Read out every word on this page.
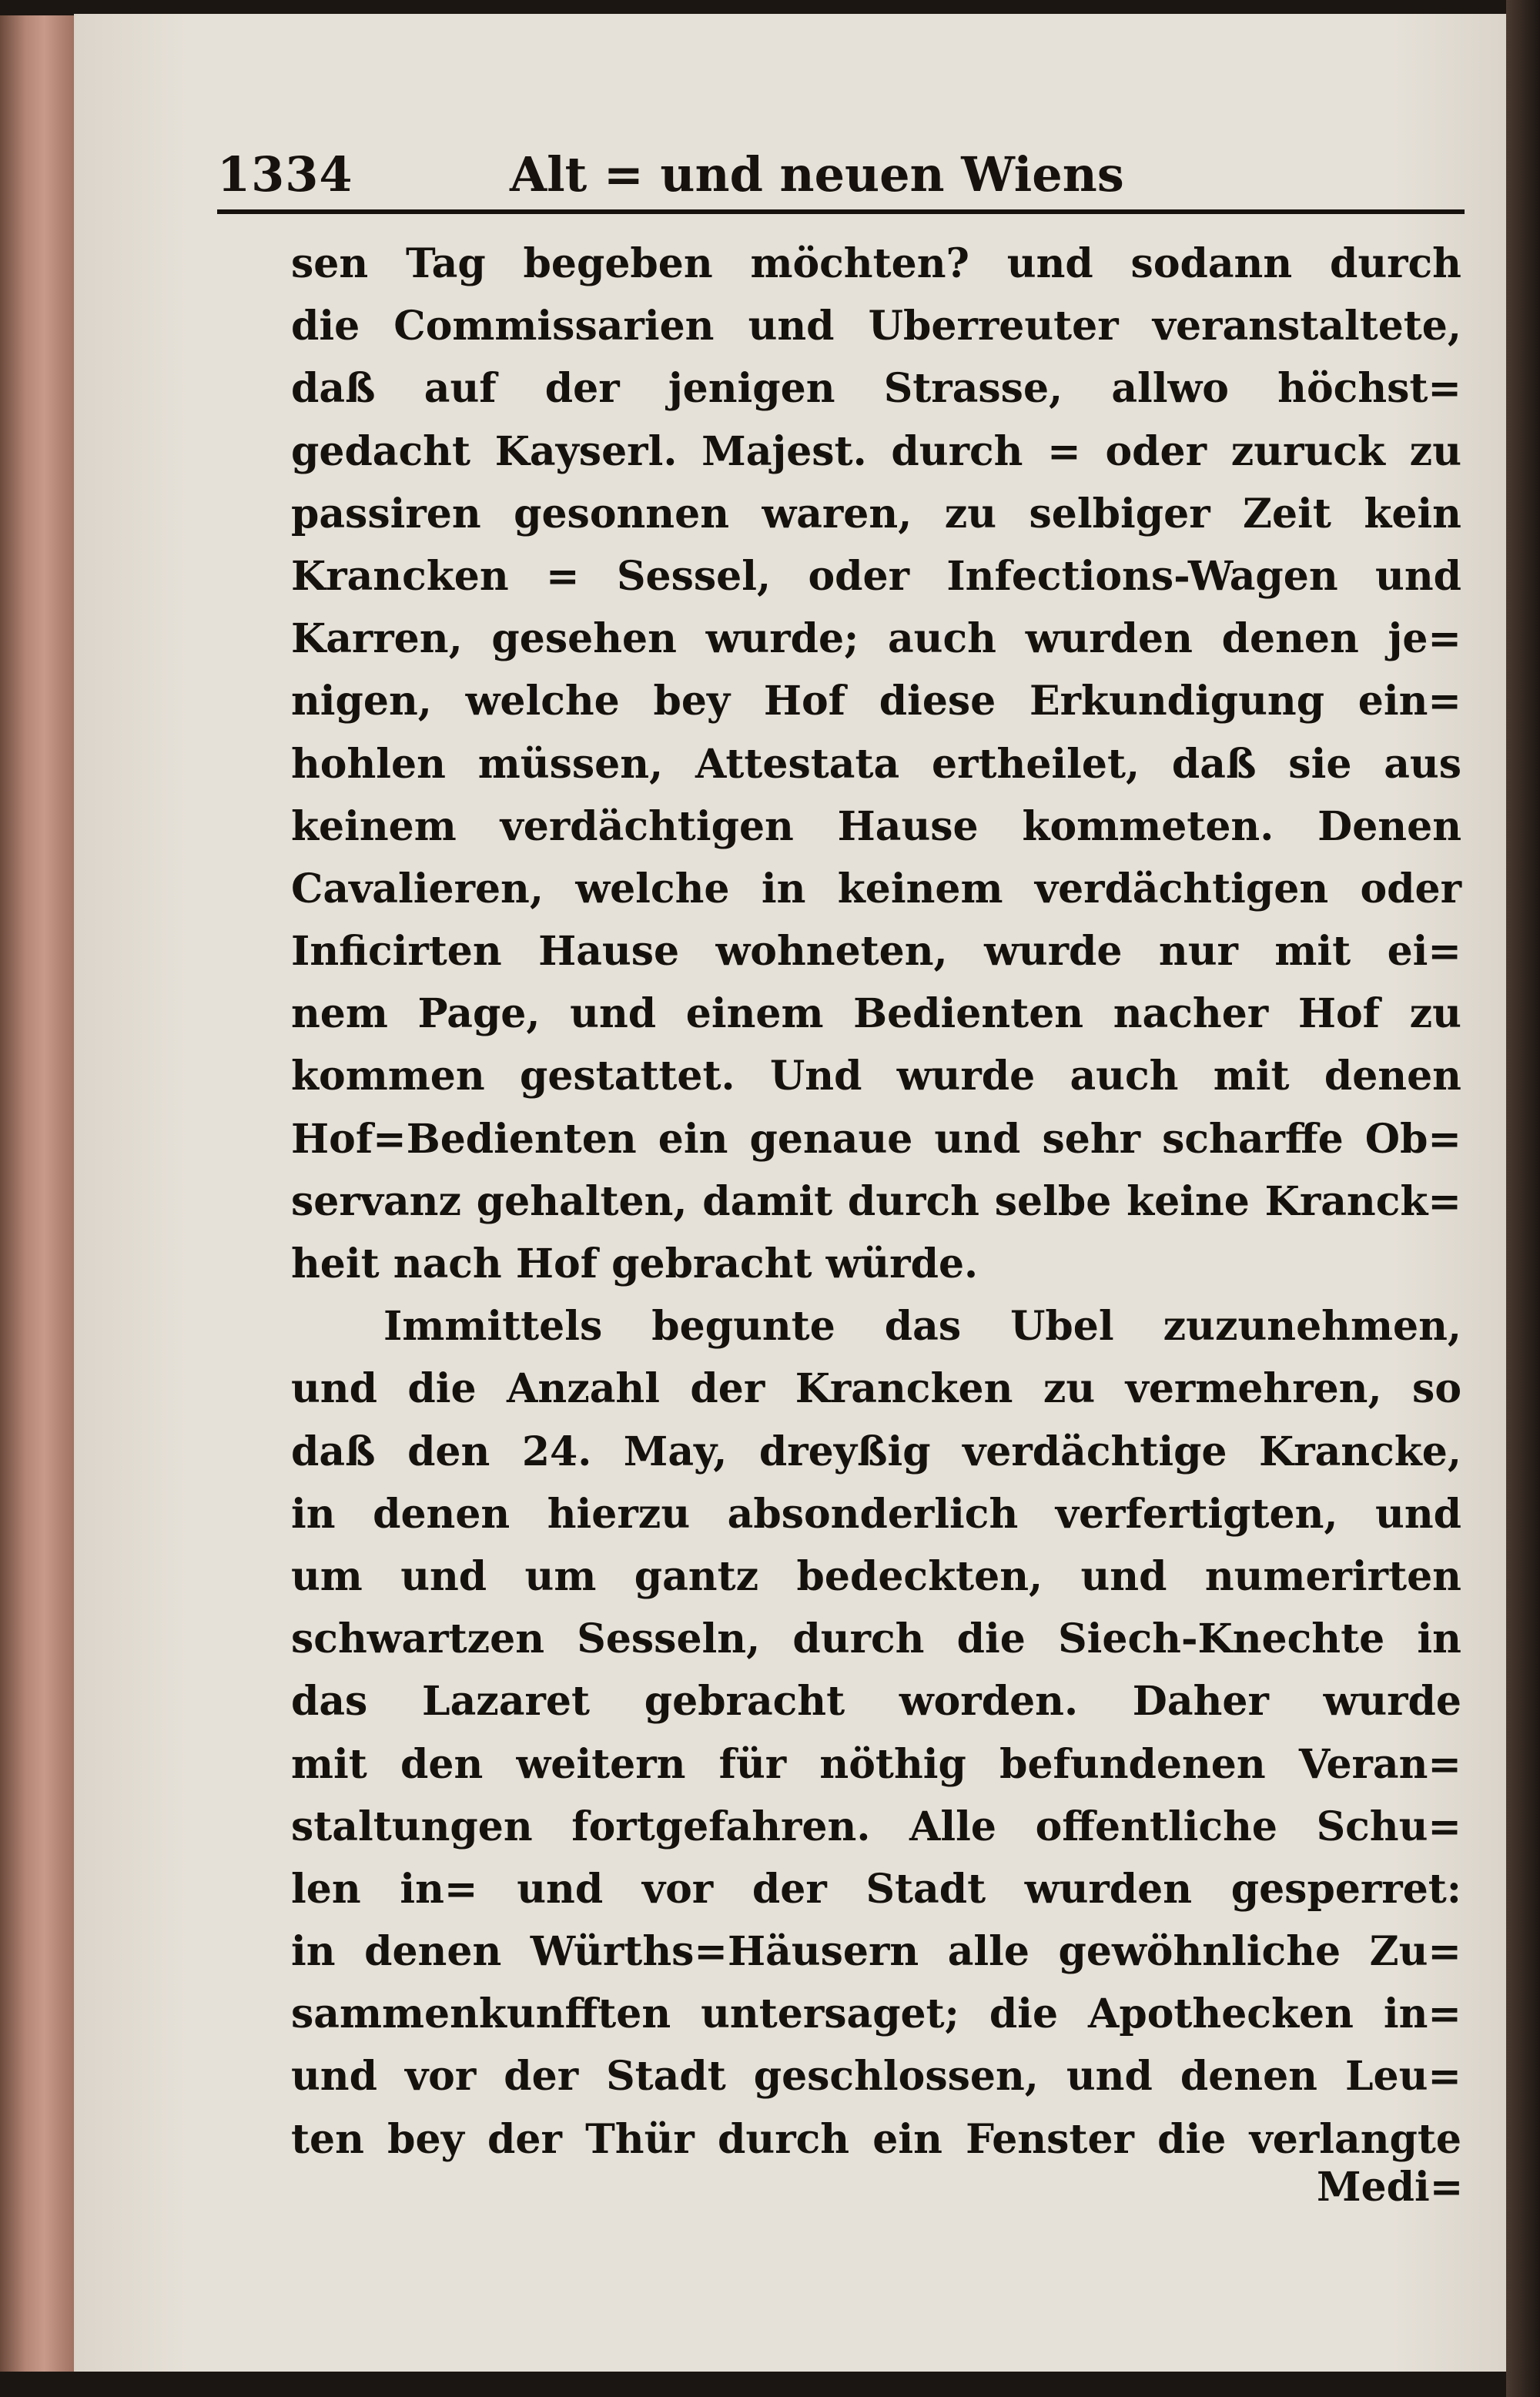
1334	Alt = und neuen Wiens
sen Tag begeben möchten? und sodann durch
die Commissarien und Uberreuter veranstaltete,
daß auf der jenigen Strasse, allwo höchst=
gedacht Kayserl. Majest. durch = oder zuruck zu
passiren gesonnen waren, zu selbiger Zeit kein
Krancken = Sessel, oder Infections-Wagen und
Karren, gesehen wurde; auch wurden denen je=
nigen, welche bey Hof diese Erkundigung ein=
hohlen müssen, Attestata ertheilet, daß sie aus
keinem verdächtigen Hause kommeten. Denen
Cavalieren, welche in keinem verdächtigen oder
Inficirten Hause wohneten, wurde nur mit ei=
nem Page, und einem Bedienten nacher Hof zu
kommen gestattet. Und wurde auch mit denen
Hof=Bedienten ein genaue und sehr scharffe Ob=
servanz gehalten, damit durch selbe keine Kranck=
heit nach Hof gebracht würde.
Immittels begunte das Ubel zuzunehmen,
und die Anzahl der Krancken zu vermehren, so
daß den 24. May, dreyßig verdächtige Krancke,
in denen hierzu absonderlich verfertigten, und
um und um gantz bedeckten, und numerirten
schwartzen Sesseln, durch die Siech-Knechte in
das Lazaret gebracht worden. Daher wurde
mit den weitern für nöthig befundenen Veran=
staltungen fortgefahren. Alle offentliche Schu=
len in= und vor der Stadt wurden gesperret:
in denen Würths=Häusern alle gewöhnliche Zu=
sammenkunfften untersaget; die Apothecken in=
und vor der Stadt geschlossen, und denen Leu=
ten bey der Thür durch ein Fenster die verlangte
Medi=
